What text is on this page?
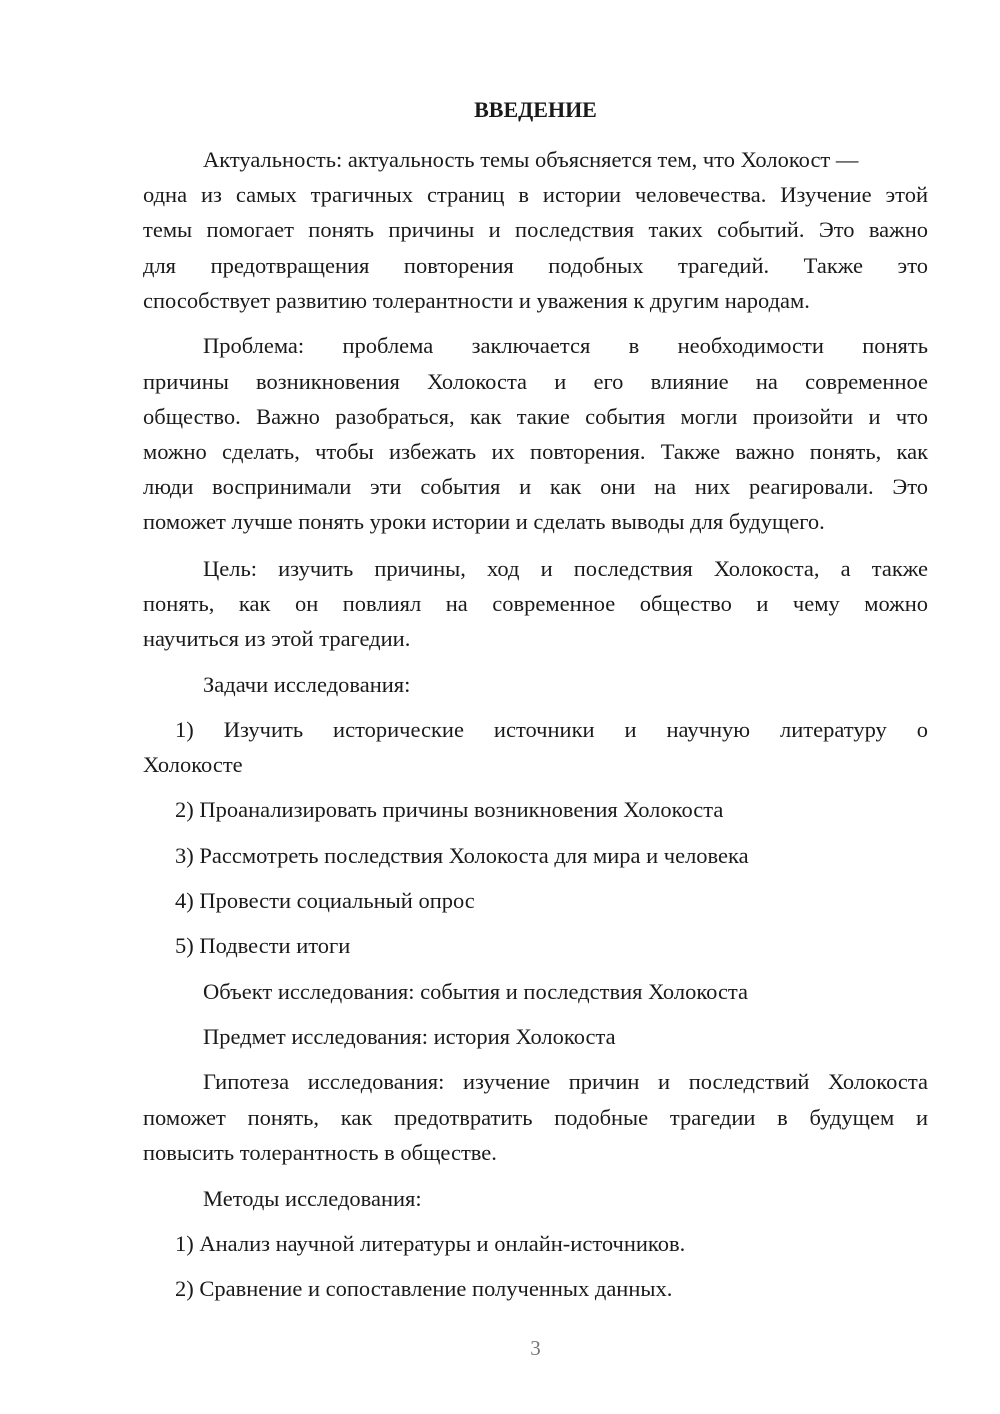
ВВЕДЕНИЕ
Актуальность: актуальность темы объясняется тем, что Холокост —
одна из самых трагичных страниц в истории человечества. Изучение этой
темы помогает понять причины и последствия таких событий. Это важно
для предотвращения повторения подобных трагедий. Также это
способствует развитию толерантности и уважения к другим народам.
Проблема: проблема заключается в необходимости понять
причины возникновения Холокоста и его влияние на современное
общество. Важно разобраться, как такие события могли произойти и что
можно сделать, чтобы избежать их повторения. Также важно понять, как
люди воспринимали эти события и как они на них реагировали. Это
поможет лучше понять уроки истории и сделать выводы для будущего.
Цель: изучить причины, ход и последствия Холокоста, а также
понять, как он повлиял на современное общество и чему можно
научиться из этой трагедии.
Задачи исследования:
1) Изучить исторические источники и научную литературу о
Холокосте
2) Проанализировать причины возникновения Холокоста
3) Рассмотреть последствия Холокоста для мира и человека
4) Провести социальный опрос
5) Подвести итоги
Объект исследования: события и последствия Холокоста
Предмет исследования: история Холокоста
Гипотеза исследования: изучение причин и последствий Холокоста
поможет понять, как предотвратить подобные трагедии в будущем и
повысить толерантность в обществе.
Методы исследования:
1) Анализ научной литературы и онлайн-источников.
2) Сравнение и сопоставление полученных данных.
3
